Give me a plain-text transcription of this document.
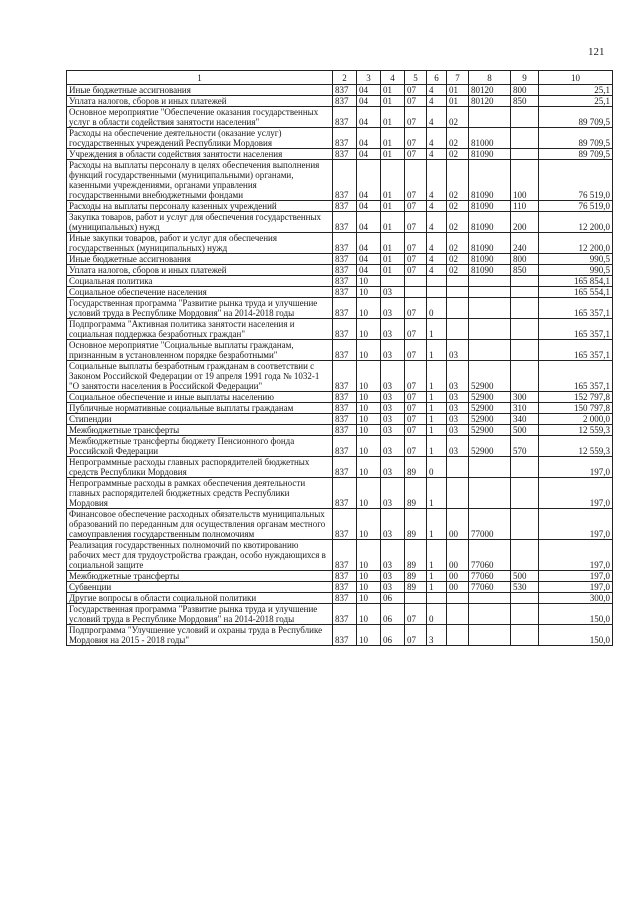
121
1	2	3	4	5	6	7	8	9	10
Иные бюджетные ассигнования	837	04	01	07	4	01	80120	800	25,1
Уплата налогов, сборов и иных платежей	837	04	01	07	4	01	80120	850	25,1
Основное мероприятие "Обеспечение оказания государственных услуг в области содействия занятости населения"	837	04	01	07	4	02			89 709,5
Расходы на обеспечение деятельности (оказание услуг) государственных учреждений Республики Мордовия	837	04	01	07	4	02	81000		89 709,5
Учреждения в области содействия занятости населения	837	04	01	07	4	02	81090		89 709,5
Расходы на выплаты персоналу в целях обеспечения выполнения функций государственными (муниципальными) органами, казенными учреждениями, органами управления государственными внебюджетными фондами	837	04	01	07	4	02	81090	100	76 519,0
Расходы на выплаты персоналу казенных учреждений	837	04	01	07	4	02	81090	110	76 519,0
Закупка товаров, работ и услуг для обеспечения государственных (муниципальных) нужд	837	04	01	07	4	02	81090	200	12 200,0
Иные закупки товаров, работ и услуг для обеспечения государственных (муниципальных) нужд	837	04	01	07	4	02	81090	240	12 200,0
Иные бюджетные ассигнования	837	04	01	07	4	02	81090	800	990,5
Уплата налогов, сборов и иных платежей	837	04	01	07	4	02	81090	850	990,5
Социальная политика	837	10							165 854,1
Социальное обеспечение населения	837	10	03						165 554,1
Государственная программа "Развитие рынка труда и улучшение условий труда в Республике Мордовия" на 2014-2018 годы	837	10	03	07	0				165 357,1
Подпрограмма "Активная политика занятости населения и социальная поддержка безработных граждан"	837	10	03	07	1				165 357,1
Основное мероприятие "Социальные выплаты гражданам, признанным в установленном порядке безработными"	837	10	03	07	1	03			165 357,1
Социальные выплаты безработным гражданам в соответствии с Законом Российской Федерации от 19 апреля 1991 года № 1032-1 "О занятости населения в Российской Федерации"	837	10	03	07	1	03	52900		165 357,1
Социальное обеспечение и иные выплаты населению	837	10	03	07	1	03	52900	300	152 797,8
Публичные нормативные социальные выплаты гражданам	837	10	03	07	1	03	52900	310	150 797,8
Стипендии	837	10	03	07	1	03	52900	340	2 000,0
Межбюджетные трансферты	837	10	03	07	1	03	52900	500	12 559,3
Межбюджетные трансферты бюджету Пенсионного фонда Российской Федерации	837	10	03	07	1	03	52900	570	12 559,3
Непрограммные расходы главных распорядителей бюджетных средств Республики Мордовия	837	10	03	89	0				197,0
Непрограммные расходы в рамках обеспечения деятельности главных распорядителей бюджетных средств Республики Мордовия	837	10	03	89	1				197,0
Финансовое обеспечение расходных обязательств муниципальных образований по переданным для осуществления органам местного самоуправления государственным полномочиям	837	10	03	89	1	00	77000		197,0
Реализация государственных полномочий по квотированию рабочих мест для трудоустройства граждан, особо нуждающихся в социальной защите	837	10	03	89	1	00	77060		197,0
Межбюджетные трансферты	837	10	03	89	1	00	77060	500	197,0
Субвенции	837	10	03	89	1	00	77060	530	197,0
Другие вопросы в области социальной политики	837	10	06						300,0
Государственная программа "Развитие рынка труда и улучшение условий труда в Республике Мордовия" на 2014-2018 годы	837	10	06	07	0				150,0
Подпрограмма "Улучшение условий и охраны труда в Республике Мордовия на 2015 - 2018 годы"	837	10	06	07	3				150,0
